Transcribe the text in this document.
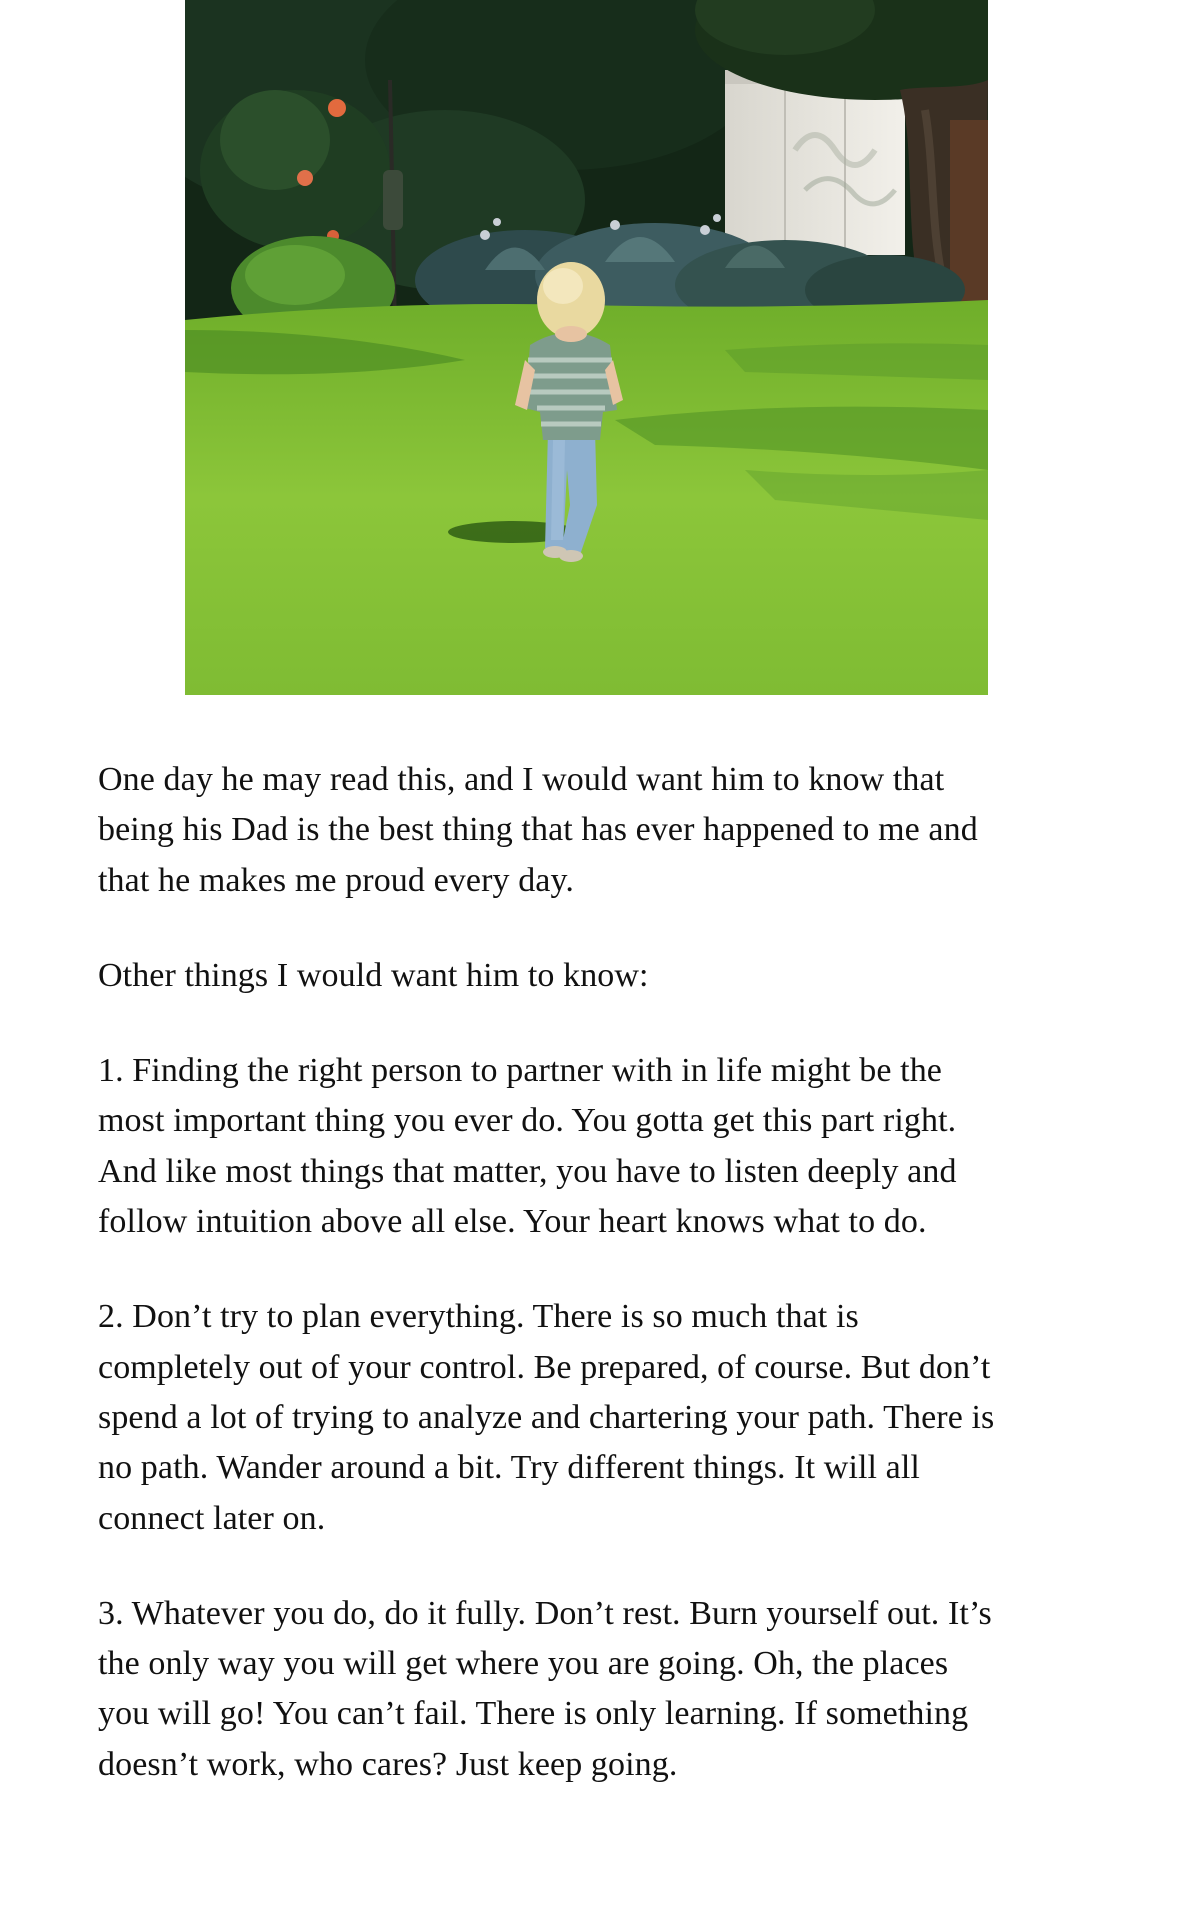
One day he may read this, and I would want him to know that
being his Dad is the best thing that has ever happened to me and
that he makes me proud every day.

Other things I would want him to know:

1. Finding the right person to partner with in life might be the
most important thing you ever do. You gotta get this part right.
And like most things that matter, you have to listen deeply and
follow intuition above all else. Your heart knows what to do.

2. Don’t try to plan everything. There is so much that is
completely out of your control. Be prepared, of course. But don’t
spend a lot of trying to analyze and chartering your path. There is
no path. Wander around a bit. Try different things. It will all
connect later on.

3. Whatever you do, do it fully. Don’t rest. Burn yourself out. It’s
the only way you will get where you are going. Oh, the places
you will go! You can’t fail. There is only learning. If something
doesn’t work, who cares? Just keep going.
